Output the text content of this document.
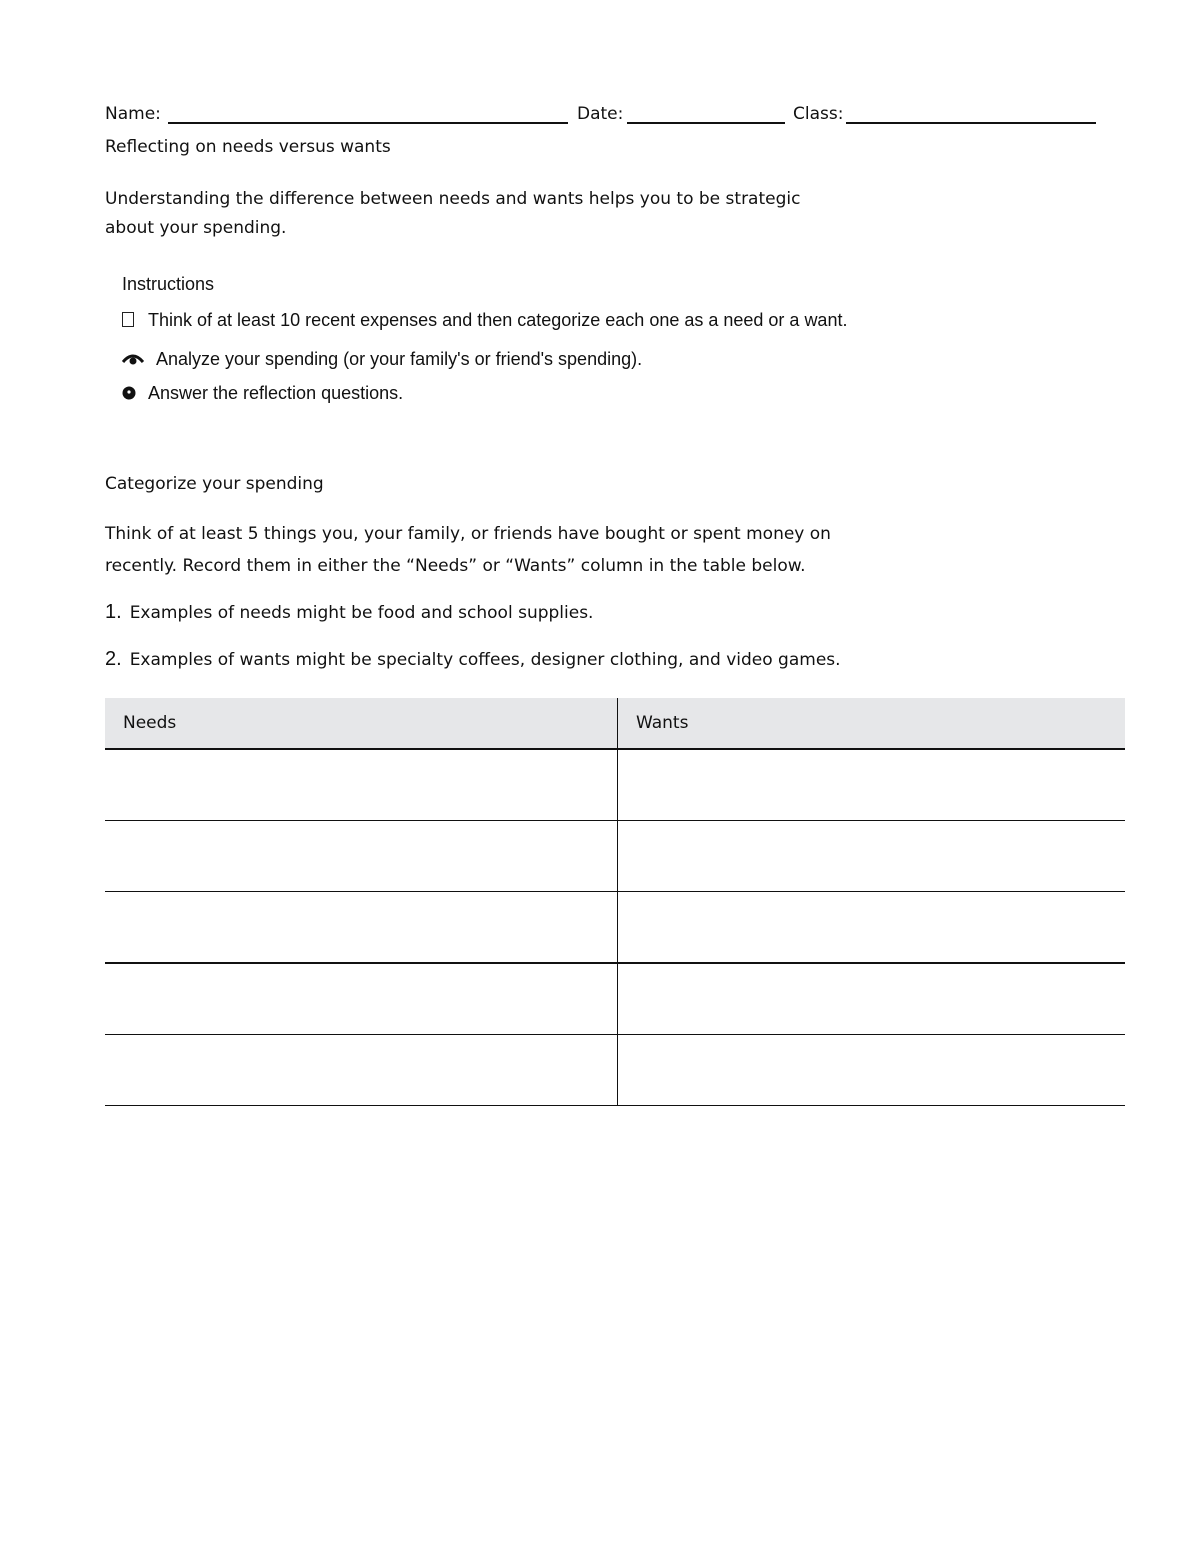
Name:	Date:	Class:
Reflecting on needs versus wants
Understanding the difference between needs and wants helps you to be strategic
about your spending.
Instructions
Think of at least 10 recent expenses and then categorize each one as a need or a want.
Analyze your spending (or your family's or friend's spending).
Answer the reflection questions.
Categorize your spending
Think of at least 5 things you, your family, or friends have bought or spent money on
recently. Record them in either the “Needs” or “Wants” column in the table below.
1. Examples of needs might be food and school supplies.
2. Examples of wants might be specialty coffees, designer clothing, and video games.
Needs	Wants
